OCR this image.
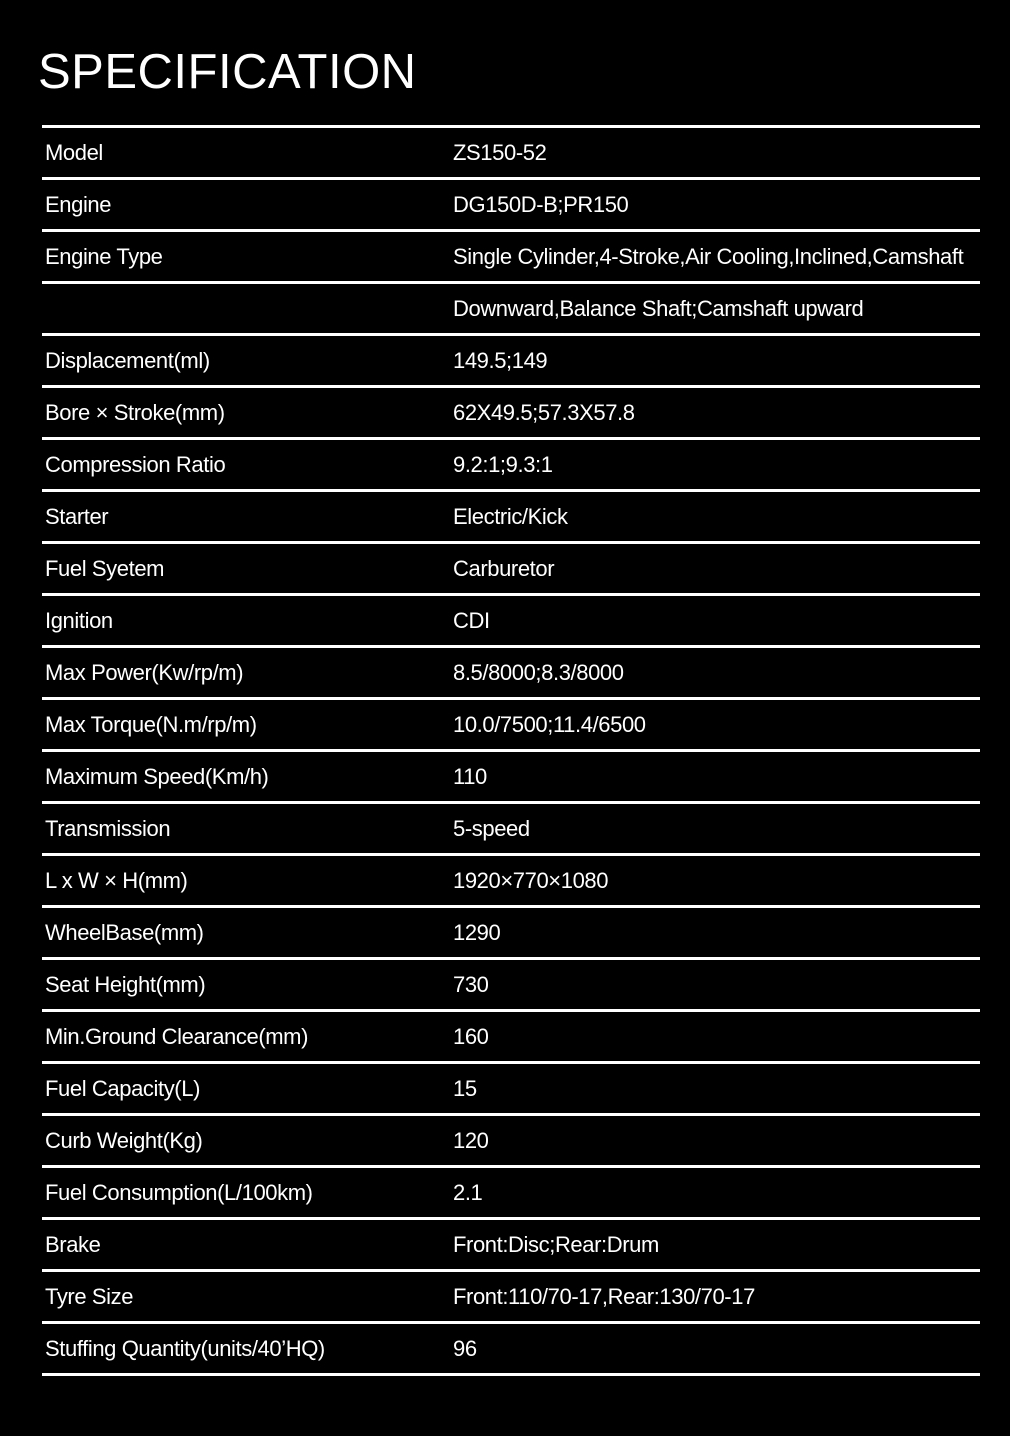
SPECIFICATION
Model	ZS150-52
Engine	DG150D-B;PR150
Engine Type	Single Cylinder,4-Stroke,Air Cooling,Inclined,Camshaft
Downward,Balance Shaft;Camshaft upward
Displacement(ml)	149.5;149
Bore × Stroke(mm)	62X49.5;57.3X57.8
Compression Ratio	9.2:1;9.3:1
Starter	Electric/Kick
Fuel Syetem	Carburetor
Ignition	CDI
Max Power(Kw/rp/m)	8.5/8000;8.3/8000
Max Torque(N.m/rp/m)	10.0/7500;11.4/6500
Maximum Speed(Km/h)	110
Transmission	5-speed
L x W × H(mm)	1920×770×1080
WheelBase(mm)	1290
Seat Height(mm)	730
Min.Ground Clearance(mm)	160
Fuel Capacity(L)	15
Curb Weight(Kg)	120
Fuel Consumption(L/100km)	2.1
Brake	Front:Disc;Rear:Drum
Tyre Size	Front:110/70-17,Rear:130/70-17
Stuffing Quantity(units/40’HQ)	96
